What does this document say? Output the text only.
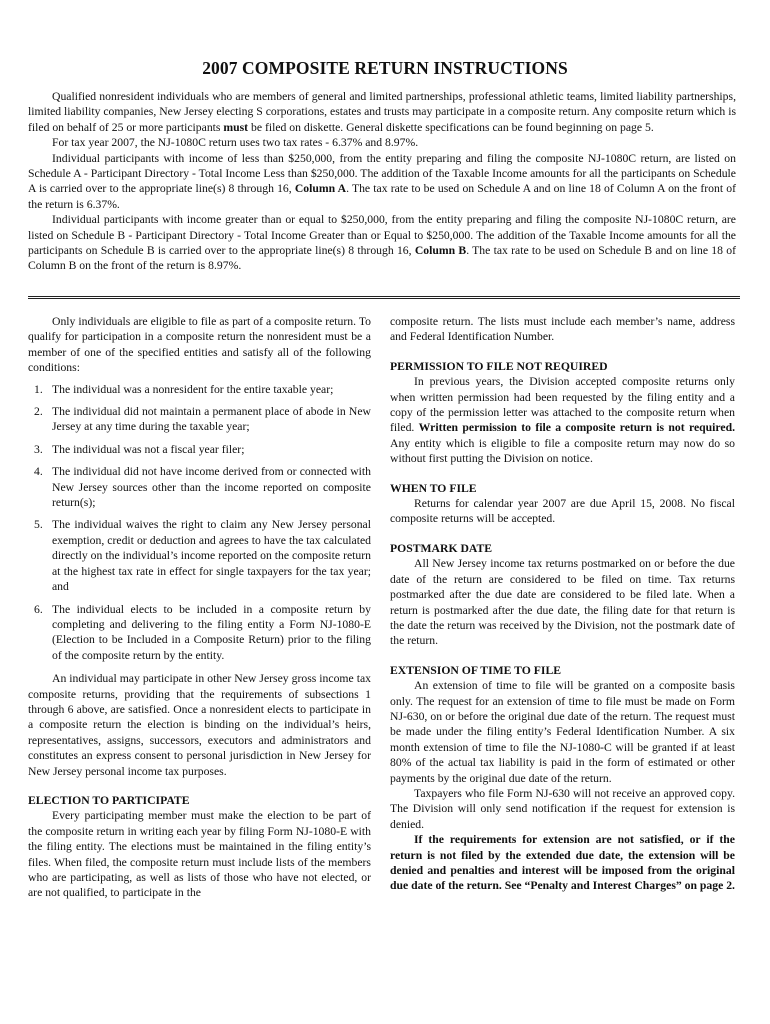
2007 COMPOSITE RETURN INSTRUCTIONS

Qualified nonresident individuals who are members of general and limited partnerships, professional athletic teams, limited liability partnerships, limited liability companies, New Jersey electing S corporations, estates and trusts may participate in a composite return. Any composite return which is filed on behalf of 25 or more participants must be filed on diskette. General diskette specifications can be found beginning on page 5.

For tax year 2007, the NJ-1080C return uses two tax rates - 6.37% and 8.97%.

Individual participants with income of less than $250,000, from the entity preparing and filing the composite NJ-1080C return, are listed on Schedule A - Participant Directory - Total Income Less than $250,000. The addition of the Taxable Income amounts for all the participants on Schedule A is carried over to the appropriate line(s) 8 through 16, Column A. The tax rate to be used on Schedule A and on line 18 of Column A on the front of the return is 6.37%.

Individual participants with income greater than or equal to $250,000, from the entity preparing and filing the composite NJ-1080C return, are listed on Schedule B - Participant Directory - Total Income Greater than or Equal to $250,000. The addition of the Taxable Income amounts for all the participants on Schedule B is carried over to the appropriate line(s) 8 through 16, Column B. The tax rate to be used on Schedule B and on line 18 of Column B on the front of the return is 8.97%.

Only individuals are eligible to file as part of a composite return. To qualify for participation in a composite return the nonresident must be a member of one of the specified entities and satisfy all of the following conditions:

1. The individual was a nonresident for the entire taxable year;
2. The individual did not maintain a permanent place of abode in New Jersey at any time during the taxable year;
3. The individual was not a fiscal year filer;
4. The individual did not have income derived from or connected with New Jersey sources other than the income reported on composite return(s);
5. The individual waives the right to claim any New Jersey personal exemption, credit or deduction and agrees to have the tax calculated directly on the individual’s income reported on the composite return at the highest tax rate in effect for single taxpayers for the tax year; and
6. The individual elects to be included in a composite return by completing and delivering to the filing entity a Form NJ-1080-E (Election to be Included in a Composite Return) prior to the filing of the composite return by the entity.

An individual may participate in other New Jersey gross income tax composite returns, providing that the requirements of subsections 1 through 6 above, are satisfied. Once a nonresident elects to participate in a composite return the election is binding on the individual’s heirs, representatives, assigns, successors, executors and administrators and constitutes an express consent to personal jurisdiction in New Jersey for New Jersey personal income tax purposes.

ELECTION TO PARTICIPATE

Every participating member must make the election to be part of the composite return in writing each year by filing Form NJ-1080-E with the filing entity. The elections must be maintained in the filing entity’s files. When filed, the composite return must include lists of the members who are participating, as well as lists of those who have not elected, or are not qualified, to participate in the

composite return. The lists must include each member’s name, address and Federal Identification Number.

PERMISSION TO FILE NOT REQUIRED

In previous years, the Division accepted composite returns only when written permission had been requested by the filing entity and a copy of the permission letter was attached to the composite return when filed. Written permission to file a composite return is not required. Any entity which is eligible to file a composite return may now do so without first putting the Division on notice.

WHEN TO FILE

Returns for calendar year 2007 are due April 15, 2008. No fiscal composite returns will be accepted.

POSTMARK DATE

All New Jersey income tax returns postmarked on or before the due date of the return are considered to be filed on time. Tax returns postmarked after the due date are considered to be filed late. When a return is postmarked after the due date, the filing date for that return is the date the return was received by the Division, not the postmark date of the return.

EXTENSION OF TIME TO FILE

An extension of time to file will be granted on a composite basis only. The request for an extension of time to file must be made on Form NJ-630, on or before the original due date of the return. The request must be made under the filing entity’s Federal Identification Number. A six month extension of time to file the NJ-1080-C will be granted if at least 80% of the actual tax liability is paid in the form of estimated or other payments by the original due date of the return.

Taxpayers who file Form NJ-630 will not receive an approved copy. The Division will only send notification if the request for extension is denied.

If the requirements for extension are not satisfied, or if the return is not filed by the extended due date, the extension will be denied and penalties and interest will be imposed from the original due date of the return. See “Penalty and Interest Charges” on page 2.
